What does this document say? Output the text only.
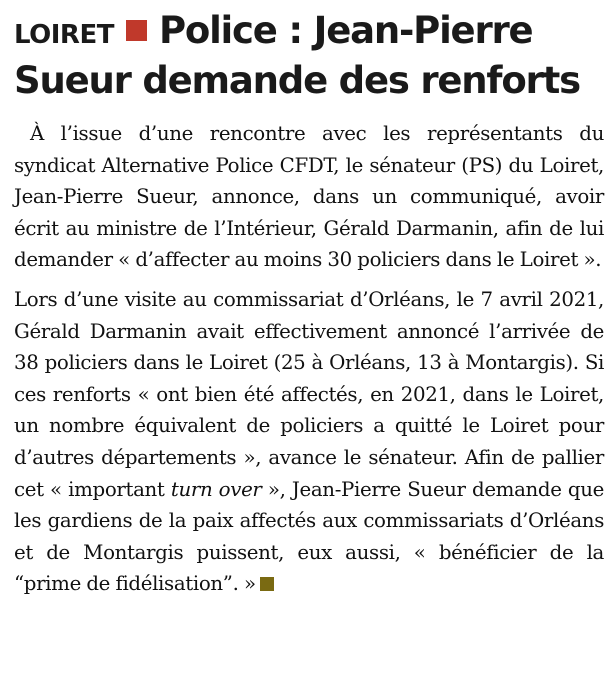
LOIRET Police : Jean-Pierre Sueur demande des renforts

À l’issue d’une rencontre avec les représentants du syndicat Alternative Police CFDT, le sénateur (PS) du Loiret, Jean-Pierre Sueur, annonce, dans un communiqué, avoir écrit au ministre de l’Intérieur, Gérald Darmanin, afin de lui demander « d’affecter au moins 30 policiers dans le Loiret ».

Lors d’une visite au commissariat d’Orléans, le 7 avril 2021, Gérald Darmanin avait effectivement annoncé l’arrivée de 38 policiers dans le Loiret (25 à Orléans, 13 à Montargis). Si ces renforts « ont bien été affectés, en 2021, dans le Loiret, un nombre équivalent de policiers a quitté le Loiret pour d’autres départements », avance le sénateur. Afin de pallier cet « important turn over », Jean-Pierre Sueur demande que les gardiens de la paix affectés aux commissariats d’Orléans et de Montargis puissent, eux aussi, « bénéficier de la “prime de fidélisation”. »
